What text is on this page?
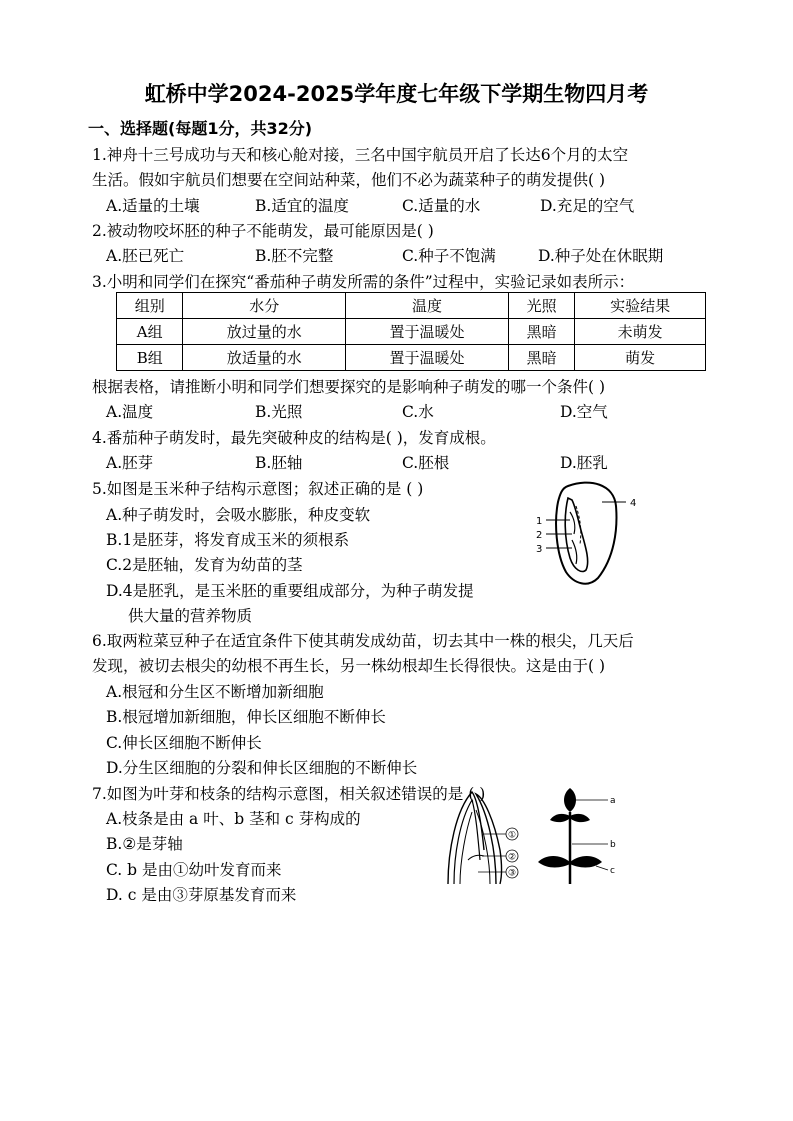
虹桥中学2024-2025学年度七年级下学期生物四月考
一、选择题(每题1分，共32分)
1.神舟十三号成功与天和核心舱对接，三名中国宇航员开启了长达6个月的太空
生活。假如宇航员们想要在空间站种菜，他们不必为蔬菜种子的萌发提供( )
A.适量的土壤	B.适宜的温度	C.适量的水	D.充足的空气
2.被动物咬坏胚的种子不能萌发，最可能原因是( )
A.胚已死亡	B.胚不完整	C.种子不饱满	D.种子处在休眠期
3.小明和同学们在探究“番茄种子萌发所需的条件”过程中，实验记录如表所示：
组别	水分	温度	光照	实验结果
A组	放过量的水	置于温暖处	黑暗	未萌发
B组	放适量的水	置于温暖处	黑暗	萌发
根据表格，请推断小明和同学们想要探究的是影响种子萌发的哪一个条件( )
A.温度	B.光照	C.水	D.空气
4.番茄种子萌发时，最先突破种皮的结构是( )，发育成根。
A.胚芽	B.胚轴	C.胚根	D.胚乳
5.如图是玉米种子结构示意图；叙述正确的是 ( )
A.种子萌发时，会吸水膨胀，种皮变软
B.1是胚芽，将发育成玉米的须根系
C.2是胚轴，发育为幼苗的茎
D.4是胚乳，是玉米胚的重要组成部分，为种子萌发提
供大量的营养物质
1
2
3
4
6.取两粒菜豆种子在适宜条件下使其萌发成幼苗，切去其中一株的根尖，几天后
发现，被切去根尖的幼根不再生长，另一株幼根却生长得很快。这是由于( )
A.根冠和分生区不断增加新细胞
B.根冠增加新细胞，伸长区细胞不断伸长
C.伸长区细胞不断伸长
D.分生区细胞的分裂和伸长区细胞的不断伸长
7.如图为叶芽和枝条的结构示意图，相关叙述错误的是 ( )
A.枝条是由 a 叶、b 茎和 c 芽构成的
B.②是芽轴
C. b 是由①幼叶发育而来
D. c 是由③芽原基发育而来
①
②
③
a
b
c
